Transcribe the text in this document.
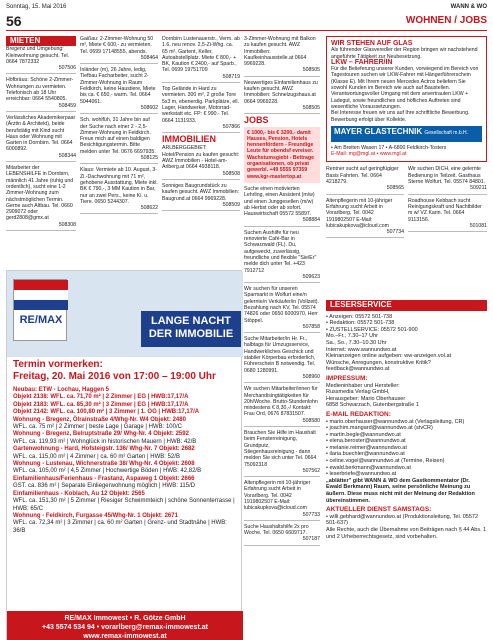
Sonntag, 15. Mai 2016	WANN & WO
56	WOHNEN / JOBS
MIETEN
Bregenz und Umgebung: Kleinwohnung gesucht. Tel. 0664 7872332
507506
Höfbräuu: Schöne 2-Zimmer-Wohnungen zu vermieten. Telefonisch ab 18 Uhr erreichbar: 0664 5540805.
508459
Verlässliches Akademikerpaar (Ärztin & Architekt), beide berufstätig mit Kind sucht Haus oder Wohnung mit Garten in Dornbirn. Tel. 0664 6000892.
508344
Mitarbeiter der LEBENSHILFE in Dornbirn, männlich 41 Jahre (ruhig und ordentlich), sucht eine 1-2 Zimmer-Wohnung zum nächstmöglichen Termin. Gerne auch Altbau. Tel. 0660 2909072 oder gerd2808@gmx.at
508308
Gaißau: 2-Zimmer-Wohnung 50 m², Miete € 600,- zu vermieten. Tel. 0699 17148555, abends.
508464
Inländer (m), 26 Jahre, ledig, Tiefbau Facharbeiter, sucht 2-Zimmer-Wohnung in Raum Feldkirch, keine Haustiere, Miete bis ca. € 650,- warm. Tel. 0664 5044061.
508602
Sch. wohlfüh, 31 Jahre bin auf der Suche nach einer 2 - 2,5-Zimmer-Wohnung in Feldkirch. Freue mich auf einen baldigen Besichtigungstermin. Bitte melden unter Tel. 0676 6697935.
508125
Klaus: Vermiete ab 10. August, 3-Zi.-Dachwohnung mit 71 m², gehobene Ausstattung, Miete inkl. BK € 790,-, 3 MM Kaution in Bar, nur an zwei Pers., keine Ki. u. Tiere. 0650 5244307.
508622
Dornbirn Lustenauerstr., Verm. ab 1.6. neu renov. 2,5-Zi-Whg. ca. 65 m², Gartent, Keller, Autoabstellplatz. Miete € 800,- + BK, Kaution € 2400,- auf Sparb., Tel. 0699 19751709
508719
Top Gelände in Hard zu vermieten. 300 m², 2 große Tore 5x3 m, ebenerdig. Parkplätze, ell. Lager, Handwerker, Motorrad-werkstatt etc. FP: € 990.- Tel. 0664 1131933.
507866
IMMOBILIEN
ARLBERGGEBIET: Hotel/Pension zu kaufen gesucht: AWZ Immobilien - Hotel-am-Arlberg.at 0664 4938118.
508508
Sonniges Baugrundstück zu kaufen gesucht. AWZ Immobilien: Baugrund.at 0664 9969228.
508509
3-Zimmer-Wohnung mit Balkon zu kaufen gesucht. AWZ Immobilien: Kaufkeinhausstelle.at 0664 9969228.
508505
Neuwertiges Einfamilienhaus zu kaufen gesucht. AWZ Immobilien: Schnelzugshaus.at 0664 9969228.
508505
JOBS
€ 1000,- bis € 3200,- damit Hauses, Pension, Hotels hennenfördern - Freundige Leute für obendsf evreiser. Wachstumsgiebt - Bettrage organisationen, ob privat gewerbl. +49 5555 97359 www.kgr-mastertop.at
Suche einen motivierten Lehrling, einen Assistent (m/w) und einen Junggesellen (m/w) ab Herbst oder ab sofort. Hauswirtschaft 05572 55897.
508884
Suchen Aushilfe für neu renovierte Café-Bar in Schwarzwald (FL). Du, aufgeweckt, zuverlässig, freundliche und flexible "Sie/Er" melde dich unter Tel. +423 7912712
509623
Wir suchen für unseren Sparmarkt in Wolfurt eine/n gelernte/n Verkäufer/in (Vollzeit). Bezahlung nach KV, Tel. 05574 74826 oder 0650 6000970, Herr Stöppel.
507858
Suche Mitarbeiter/in Hr. Fr., halbtags für Umzugsservice, Handwerkliches Geschick und stabiler Körperbau erforderlich, Führerschein B notwendig. Tel. 0680 1280991.
508960
Wir suchen Mitarbeiter/innen für Merchandisingtätigkeiten für 20h/Woche. Brutto-Stundenlohn mindestens € 8,30,-/ Kontakt: Frau Ord, 0676 87831507.
508580
Brauchen Sie Hilfe im Haushalt beim Fensterreinigung, Grundputz, Stiegenhausreinigung - dann melden Sie sich unter Tel. 0664 75092318
507562
Altenpflegerin mit 10-jähriger Erfahrung sucht Arbeit in Vorarlberg. Tel. 0042 1919802507 E-Mail: lubicakupkova@icloud.com
507733
Suche Haushaltshilfe 2x pro Woche. Tel. 0650 6609717.
507187
WIR STEHEN AUF GLAS
Als führender Glasveredler der Region bringen wir nachstehend angeführte Tätigkeit zur Neubesetzung.
LKW – FAHRER/IN
Für die Belieferung unserer Kunden, vorwiegend im Bereich von Tagestouren suchen wir LKW-Fahrer mit Hängerführerschein (Klasse E). Mit Ihrem neuen Mercedes Actros beliefern Sie sowohl Kunden im Bereich wie auch auf Baustellen. Verantwortungsvoller Umgang mit dem anvertrauten LKW + Ladegut, sowie freundliches und höfliches Auftreten sind wesentliche Voraussetzungen.
Bei Interesse freuen wir uns auf Ihre schriftliche Bewerbung. Bewerbung erfolgt über Kollekte.
MAYER GLASTECHNIK Gesellschaft m.b.H.
• Am Breiten Wasen 17 • A-6800 Feldkirch-Tosters
E-Mail: mg@mgl.at • www.mgl.at
Rentner sucht auf geringfügiger Basis Fahrten. Tel. 0664 4218279.
508565
Altenpflegerin mit 10-jähriger Erfahrung sucht Arbeit in Vorarlberg. Tel. 0042 1919802507 E-Mail: lubicakupkova@icloud.com
507734
Wir suchen DICH, eine gelernte Bedienung in Teilzeit. Gasthaus Sterne Wolfurt. Tel. 05574 84801.
509211
Roadhouse Kebbach sucht Reinigungskraft und Nachtbilder m w/ VZ Karin. Tel. 0664 9113156.
501081
LESERSERVICE
• Anzeigen: 05572 501-738
• Redaktion: 05572 501-738
• ZUSTELLSERVICE: 05572 501-900
Mo.–Fr., 7.30–17 Uhr
Sa., So., 7.30–10.30 Uhr
Internet: www.wannundwo.at
Kleinanzeigen online aufgeben: ww-anzeigen.vol.at
Wünsche, Anregungen, konstruktive Kritik? feedback@wannundwo.at
IMPRESSUM:
Medieninhaber und Hersteller:
Russmedia Verlag GmbH,
Herausgeber: Mario Oberhauser
6858 Schwarzach, Gutenbergstraße 1
E-MAIL REDAKTION:
• mario.oberhauser@wannundwo.at (Verlagsleitung, CR)
• joachim.mangard@wannundwo.at (stvCR)
• martin.begle@wannundwo.at
• elena.beroster@wannundwo.at
• melanie.reimer@wannundwo.at
• ilaria.buechler@wannundwo.at
• celine.vogel@wannundwo.at (Termine, Reisen)
• ewald.berkmann@wannundwo.at
• leserbriefe@wannundwo.at
„ablätter" gibt WANN & WO dem Gastkommentator (Dr. Ewald Berkmann) Raum, seine persönliche Meinung zu äußern. Diese muss nicht mit der Meinung der Redaktion übereinstimmen.
AKTUELLER DIENST SAMSTAGS:
• willi.gebhard@wannundwo.at (Produktionsleitung, Tel. 05572 501-637)
Alle Rechte, auch die Übernahme von Beiträgen nach § 44 Abs. 1 und 2 Urheberrechtsgesetz, sind vorbehalten.
RE/MAX	LANGE NACHT DER IMMOBILIE
Termin vormerken:
Freitag, 20. Mai 2016 von 17:00 – 19:00 Uhr
Neubau: ETW - Lochau, Haggen 5
Objekt 2138: WFL. ca. 71,70 m² | 2 Zimmer | EG | HWB:17,17/A
Objekt 2183: WFL. ca. 85,30 m² | 3 Zimmer | EG | HWB:17,17/A
Objekt 2142: WFL. ca. 100,80 m² | 3 Zimmer | 1. OG | HWB:17,17/A
Wohnung - Bregenz, Ölrainstraße 4/Whg-Nr. W4 Objekt: 2480
WFL. ca. 75 m² | 2 Zimmer | beste Lage | Garage | HWB: 100/C
Wohnung - Bregenz, Belruptstraße 29/ Whg-Nr. 4 Objekt: 2592
WFL. ca. 119,93 m² | Wohnglück in historischen Mauern | HWB: 42/B
Gartenwohnung - Hard, Hofsteigstr. 136/ Whg-Nr. 7 Objekt: 2682
WFL. ca. 115,00 m² | 4 Zimmer | ca. 60 m² Garten | HWB: 52/B
Wohnung - Lustenau, Wichnerstraße 38/ Whg-Nr. 4 Objekt: 2608
WFL. ca. 105,00 m² | 4,5 Zimmer | Hochwertige Böden | HWB: 42,82/B
Einfamilienhaus/Ferienhaus - Frastanz, Aspaweg 1 Objekt: 2666
GST. ca. 836 m² | Separate Einliegerwohnung möglich | HWB: 115/D
Einfamilienhaus - Koblach, Au 12 Objekt: 2565
WFL. ca. 151,30 m² | 5 Zimmer | Riesiger Schwimmteich | schöne Sonnenterrasse | HWB: 65/C
Wohnung - Feldkirch, Furgasse 45/Whg-Nr. 1 Objekt: 2671
WFL. ca. 72,34 m² | 3 Zimmer | ca. 60 m² Garten | Grenz- und Stadtnähe | HWB: 36/B
RE/MAX Immowest • R. Götze GmbH
+43 5574 534 94 • vorarlberg@remax-immowest.at
www.remax-immowest.at
